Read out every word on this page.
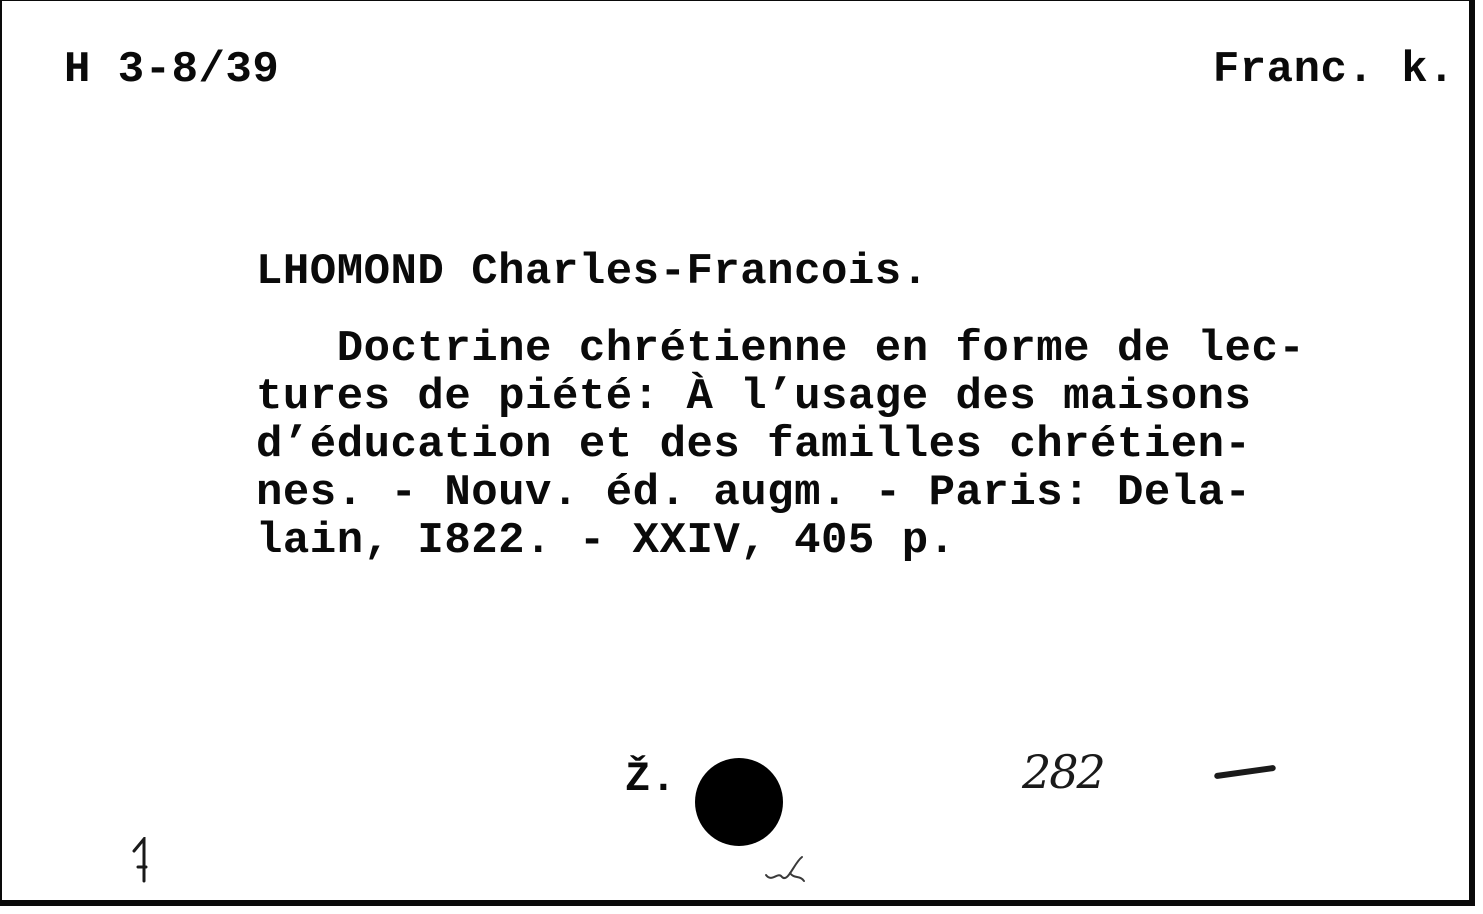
H 3-8/39	Franc. k.
LHOMOND Charles-Francois.
Doctrine chrétienne en forme de lec-
tures de piété: À l’usage des maisons
d’éducation et des familles chrétien-
nes. - Nouv. éd. augm. - Paris: Dela-
lain, I822. - XXIV, 405 p.
Ž.	282
